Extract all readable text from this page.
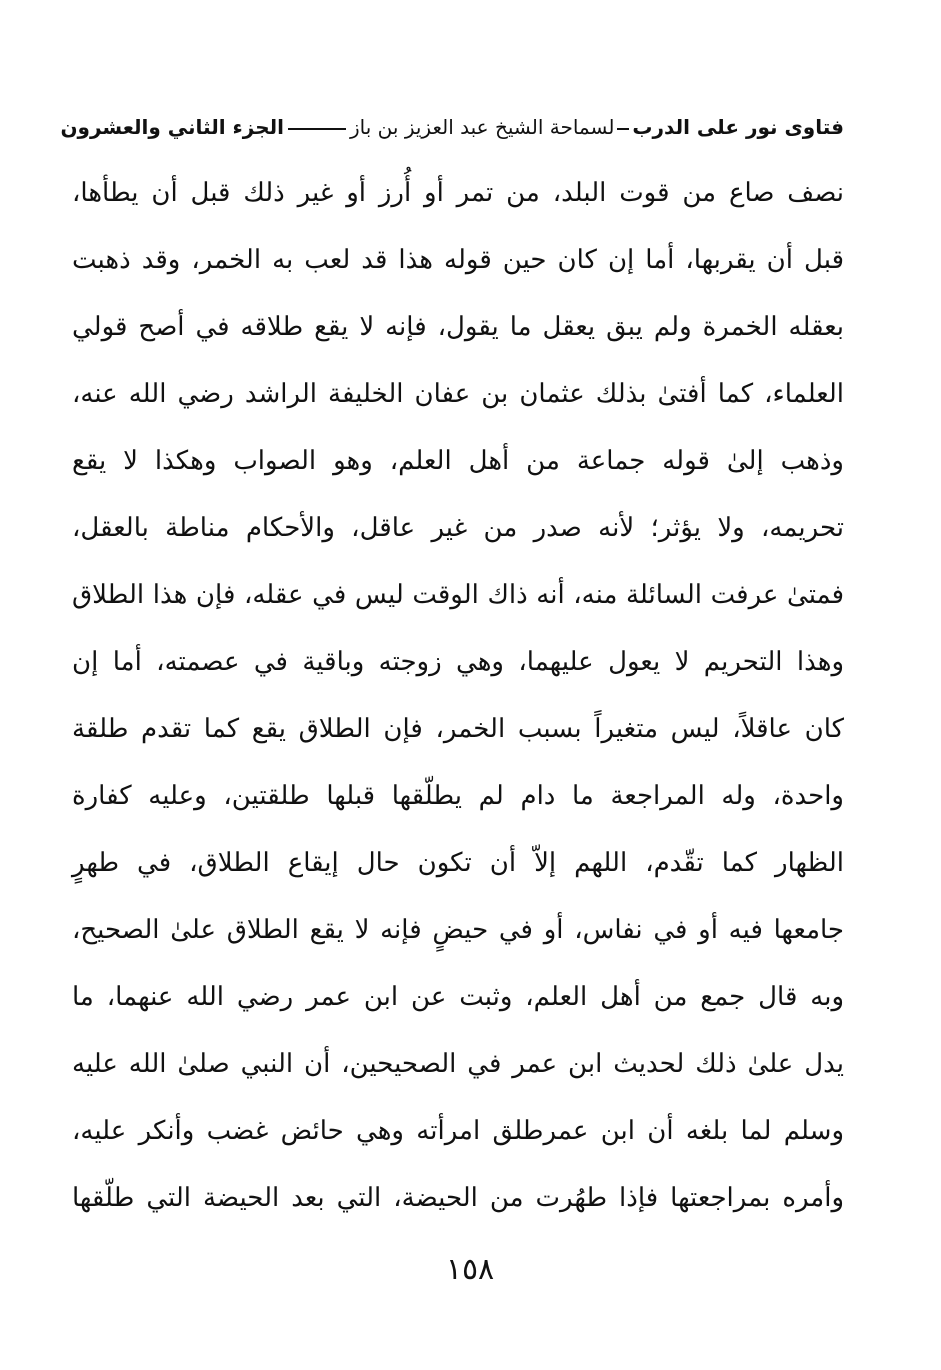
فتاوى نور على الدربلسماحة الشيخ عبد العزيز بن باز
الجزء الثاني والعشرون
نصف صاع من قوت البلد، من تمر أو أُرز أو غير ذلك قبل أن يطأها،
قبل أن يقربها، أما إن كان حين قوله هذا قد لعب به الخمر، وقد ذهبت
بعقله الخمرة ولم يبق يعقل ما يقول، فإنه لا يقع طلاقه في أصح قولي
العلماء، كما أفتىٰ بذلك عثمان بن عفان الخليفة الراشد رضي الله عنه،
وذهب إلىٰ قوله جماعة من أهل العلم، وهو الصواب وهكذا لا يقع
تحريمه، ولا يؤثر؛ لأنه صدر من غير عاقل، والأحكام مناطة بالعقل،
فمتىٰ عرفت السائلة منه، أنه ذاك الوقت ليس في عقله، فإن هذا الطلاق
وهذا التحريم لا يعول عليهما، وهي زوجته وباقية في عصمته، أما إن
كان عاقلاً، ليس متغيراً بسبب الخمر، فإن الطلاق يقع كما تقدم طلقة
واحدة، وله المراجعة ما دام لم يطلّقها قبلها طلقتين، وعليه كفارة
الظهار كما تقّدم، اللهم إلاّ أن تكون حال إيقاع الطلاق، في طهرٍ
جامعها فيه أو في نفاس، أو في حيضٍ فإنه لا يقع الطلاق علىٰ الصحيح،
وبه قال جمع من أهل العلم، وثبت عن ابن عمر رضي الله عنهما، ما
يدل علىٰ ذلك لحديث ابن عمر في الصحيحين، أن النبي صلىٰ الله عليه
وسلم لما بلغه أن ابن عمرطلق امرأته وهي حائض غضب وأنكر عليه،
وأمره بمراجعتها فإذا طهُرت من الحيضة، التي بعد الحيضة التي طلّقها
١٥٨
